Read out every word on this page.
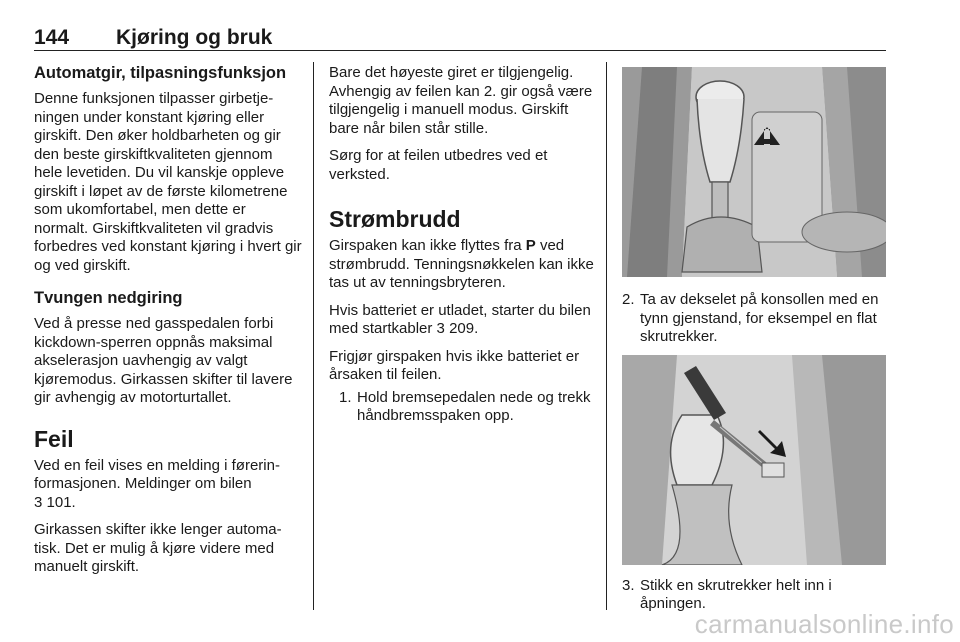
144 Kjøring og bruk
Automatgir, tilpasningsfunksjon

Denne funksjonen tilpasser girbetje-ningen under konstant kjøring eller girskift. Den øker holdbarheten og gir den beste girskiftkvaliteten gjennom hele levetiden. Du vil kanskje oppleve girskift i løpet av de første kilometrene som ukomfortabel, men dette er normalt. Girskiftkvaliteten vil gradvis forbedres ved konstant kjøring i hvert gir og ved girskift.

Tvungen nedgiring

Ved å presse ned gasspedalen forbi kickdown-sperren oppnås maksimal akselerasjon uavhengig av valgt kjøremodus. Girkassen skifter til lavere gir avhengig av motorturtallet.

Feil

Ved en feil vises en melding i førerin-formasjonen. Meldinger om bilen
3 101.

Girkassen skifter ikke lenger automa-tisk. Det er mulig å kjøre videre med manuelt girskift.

Bare det høyeste giret er tilgjengelig. Avhengig av feilen kan 2. gir også være tilgjengelig i manuell modus. Girskift bare når bilen står stille.

Sørg for at feilen utbedres ved et verksted.

Strømbrudd

Girspaken kan ikke flyttes fra P ved strømbrudd. Tenningsnøkkelen kan ikke tas ut av tenningsbryteren.

Hvis batteriet er utladet, starter du bilen med startkabler 3 209.

Frigjør girspaken hvis ikke batteriet er årsaken til feilen.

1. Hold bremsepedalen nede og trekk håndbremsspaken opp.
2. Ta av dekselet på konsollen med en tynn gjenstand, for eksempel en flat skrutrekker.
3. Stikk en skrutrekker helt inn i åpningen.
carmanualsonline.info
